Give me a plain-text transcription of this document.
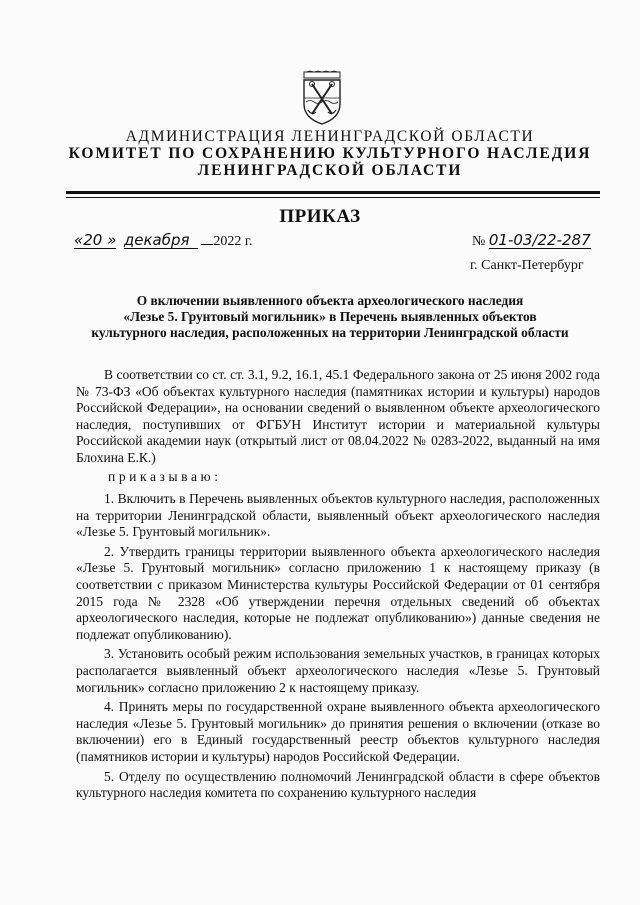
АДМИНИСТРАЦИЯ ЛЕНИНГРАДСКОЙ ОБЛАСТИ
КОМИТЕТ ПО СОХРАНЕНИЮ КУЛЬТУРНОГО НАСЛЕДИЯ
ЛЕНИНГРАДСКОЙ ОБЛАСТИ
ПРИКАЗ
«20 » декабря 2022 г.	№ 01-03/22-287
г. Санкт-Петербург
О включении выявленного объекта археологического наследия
«Лезье 5. Грунтовый могильник» в Перечень выявленных объектов
культурного наследия, расположенных на территории Ленинградской области

В соответствии со ст. ст. 3.1, 9.2, 16.1, 45.1 Федерального закона от 25 июня 2002 года № 73-ФЗ «Об объектах культурного наследия (памятниках истории и культуры) народов Российской Федерации», на основании сведений о выявленном объекте археологического наследия, поступивших от ФГБУН Институт истории и материальной культуры Российской академии наук (открытый лист от 08.04.2022 № 0283-2022, выданный на имя Блохина Е.К.)

приказываю:

1. Включить в Перечень выявленных объектов культурного наследия, расположенных на территории Ленинградской области, выявленный объект археологического наследия «Лезье 5. Грунтовый могильник».

2. Утвердить границы территории выявленного объекта археологического наследия «Лезье 5. Грунтовый могильник» согласно приложению 1 к настоящему приказу (в соответствии с приказом Министерства культуры Российской Федерации от 01 сентября 2015 года № 2328 «Об утверждении перечня отдельных сведений об объектах археологического наследия, которые не подлежат опубликованию») данные сведения не подлежат опубликованию).

3. Установить особый режим использования земельных участков, в границах которых располагается выявленный объект археологического наследия «Лезье 5. Грунтовый могильник» согласно приложению 2 к настоящему приказу.

4. Принять меры по государственной охране выявленного объекта археологического наследия «Лезье 5. Грунтовый могильник» до принятия решения о включении (отказе во включении) его в Единый государственный реестр объектов культурного наследия (памятников истории и культуры) народов Российской Федерации.

5. Отделу по осуществлению полномочий Ленинградской области в сфере объектов культурного наследия комитета по сохранению культурного наследия
